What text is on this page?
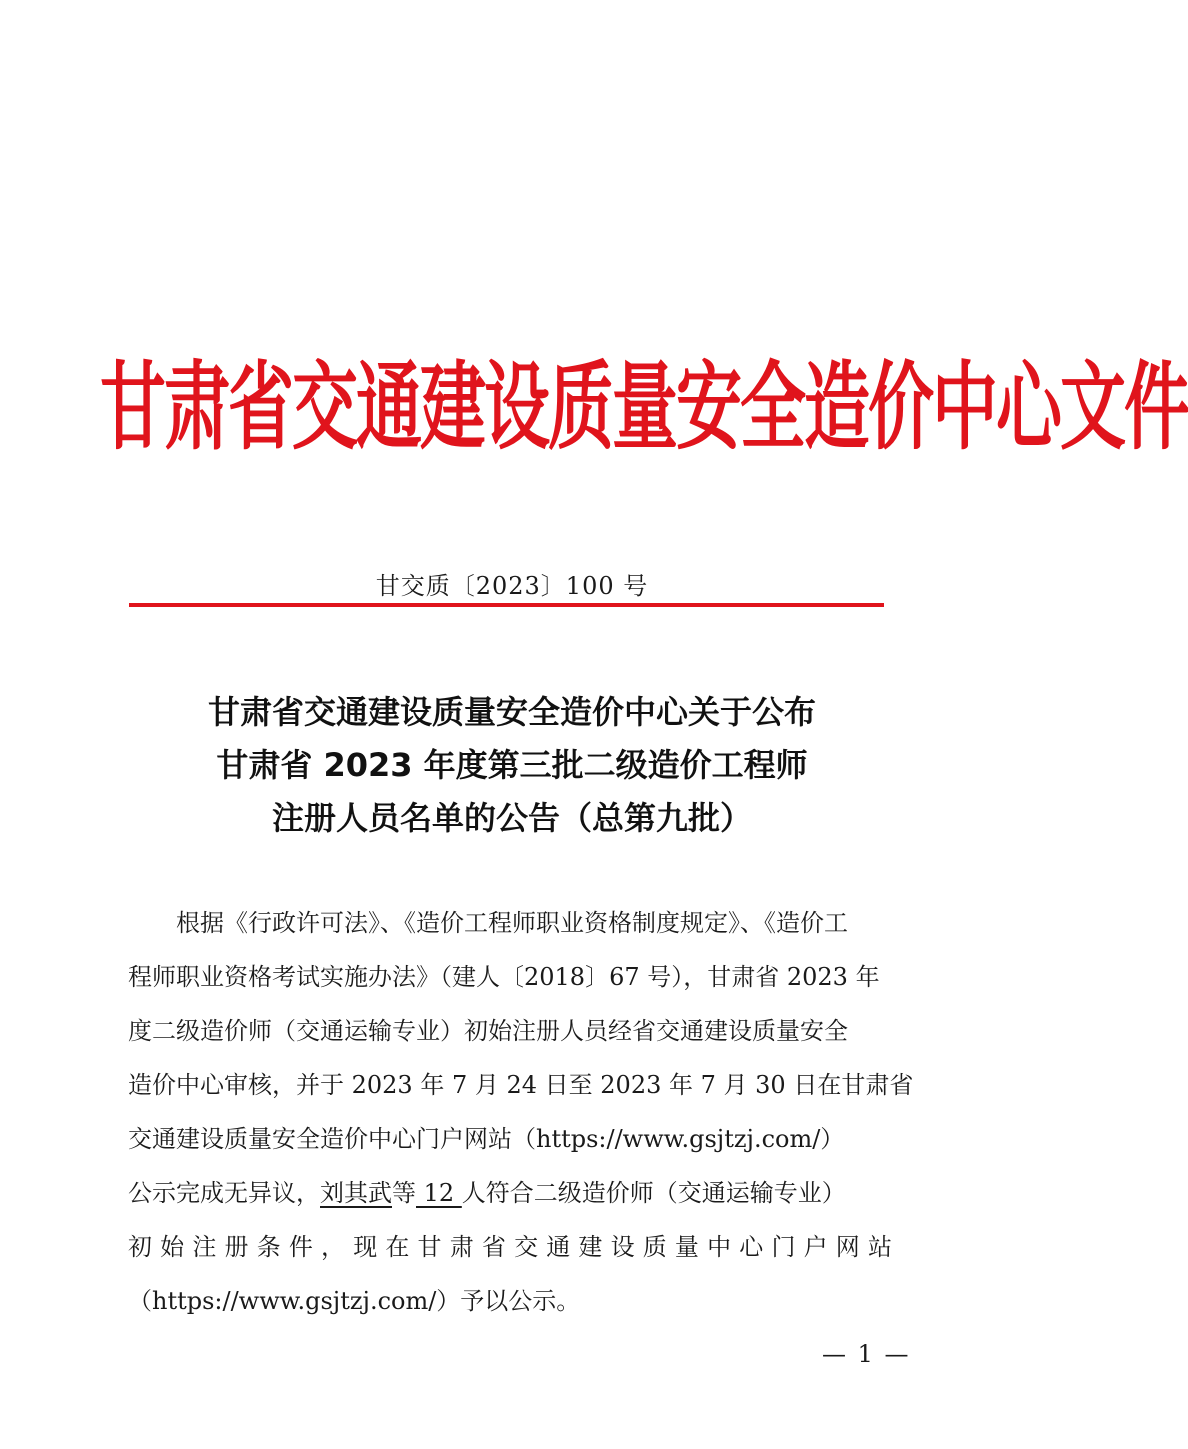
甘肃省交通建设质量安全造价中心文件
甘交质〔2023〕100 号
甘肃省交通建设质量安全造价中心关于公布
甘肃省 2023 年度第三批二级造价工程师
注册人员名单的公告（总第九批）
根据《行政许可法》、《造价工程师职业资格制度规定》、《造价工
程师职业资格考试实施办法》（建人〔2018〕67 号），甘肃省 2023 年
度二级造价师（交通运输专业）初始注册人员经省交通建设质量安全
造价中心审核，并于 2023 年 7 月 24 日至 2023 年 7 月 30 日在甘肃省
交通建设质量安全造价中心门户网站（https://www.gsjtzj.com/）
公示完成无异议，刘其武等 12 人符合二级造价师（交通运输专业）
初 始 注 册 条 件 ， 现 在 甘 肃 省 交 通 建 设 质 量 中 心 门 户 网 站
（https://www.gsjtzj.com/）予以公示。
— 1 —
